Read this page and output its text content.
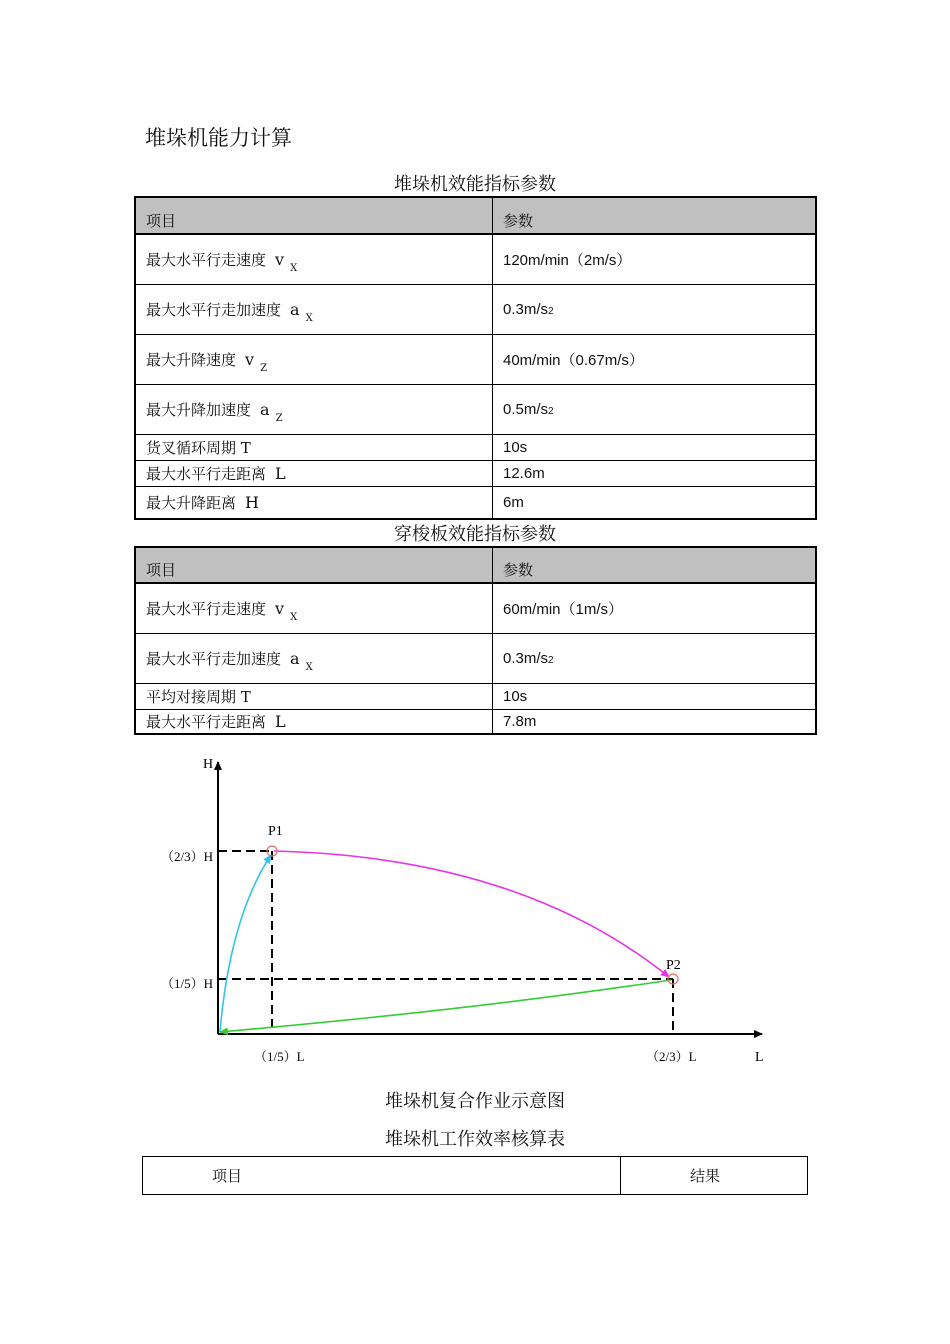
堆垛机能力计算
堆垛机效能指标参数
项目	参数
最大水平行走速度 v $_X$	120m/min（2m/s）
最大水平行走加速度 a $_X$	0.3m/s2
最大升降速度 v $_Z$	40m/min（0.67m/s）
最大升降加速度 a $_Z$	0.5m/s2
货叉循环周期 T	10s
最大水平行走距离 L	12.6m
最大升降距离 H	6m
穿梭板效能指标参数
项目	参数
最大水平行走速度 v $_X$	60m/min（1m/s）
最大水平行走加速度 a $_X$	0.3m/s2
平均对接周期 T	10s
最大水平行走距离 L	7.8m
H
P1
P2
（2/3）H
（1/5）H
（1/5）L	（2/3）L	L
堆垛机复合作业示意图
堆垛机工作效率核算表
项目	结果
